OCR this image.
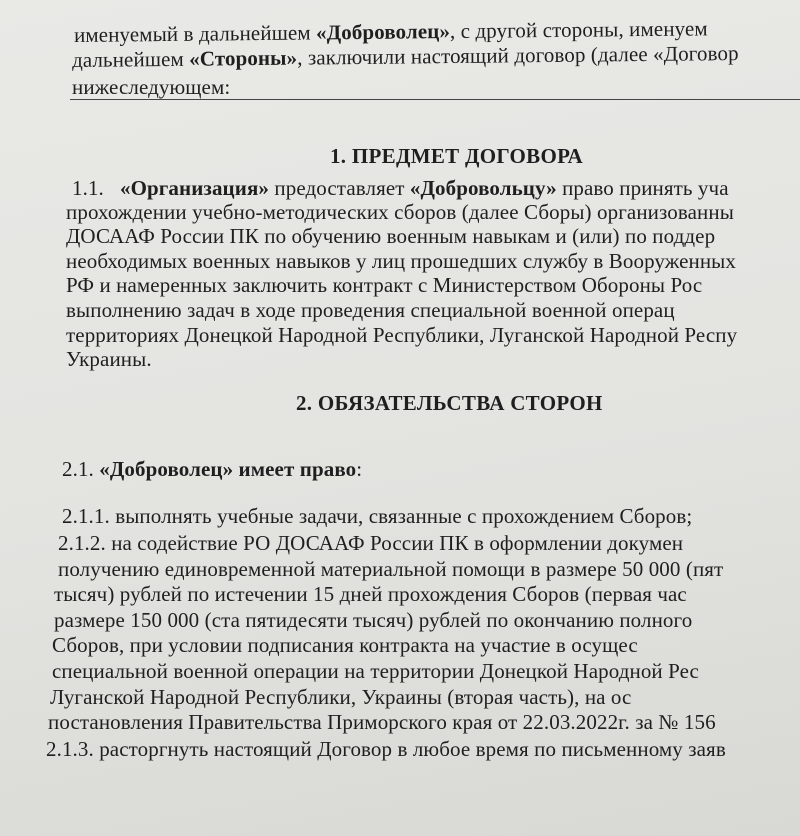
именуемый в дальнейшем «Доброволец», с другой стороны, именуем
дальнейшем «Стороны», заключили настоящий договор (далее «Договор
нижеследующем:
1. ПРЕДМЕТ ДОГОВОРА
1.1. «Организация» предоставляет «Добровольцу» право принять уча
прохождении учебно-методических сборов (далее Сборы) организованны
ДОСААФ России ПК по обучению военным навыкам и (или) по поддер
необходимых военных навыков у лиц прошедших службу в Вооруженных
РФ и намеренных заключить контракт с Министерством Обороны Рос
выполнению задач в ходе проведения специальной военной операц
территориях Донецкой Народной Республики, Луганской Народной Респу
Украины.
2. ОБЯЗАТЕЛЬСТВА СТОРОН
2.1. «Доброволец» имеет право:
2.1.1. выполнять учебные задачи, связанные с прохождением Сборов;
2.1.2. на содействие РО ДОСААФ России ПК в оформлении докумен
получению единовременной материальной помощи в размере 50 000 (пят
тысяч) рублей по истечении 15 дней прохождения Сборов (первая час
размере 150 000 (ста пятидесяти тысяч) рублей по окончанию полного
Сборов, при условии подписания контракта на участие в осущес
специальной военной операции на территории Донецкой Народной Рес
Луганской Народной Республики, Украины (вторая часть), на ос
постановления Правительства Приморского края от 22.03.2022г. за № 156
2.1.3. расторгнуть настоящий Договор в любое время по письменному заяв
